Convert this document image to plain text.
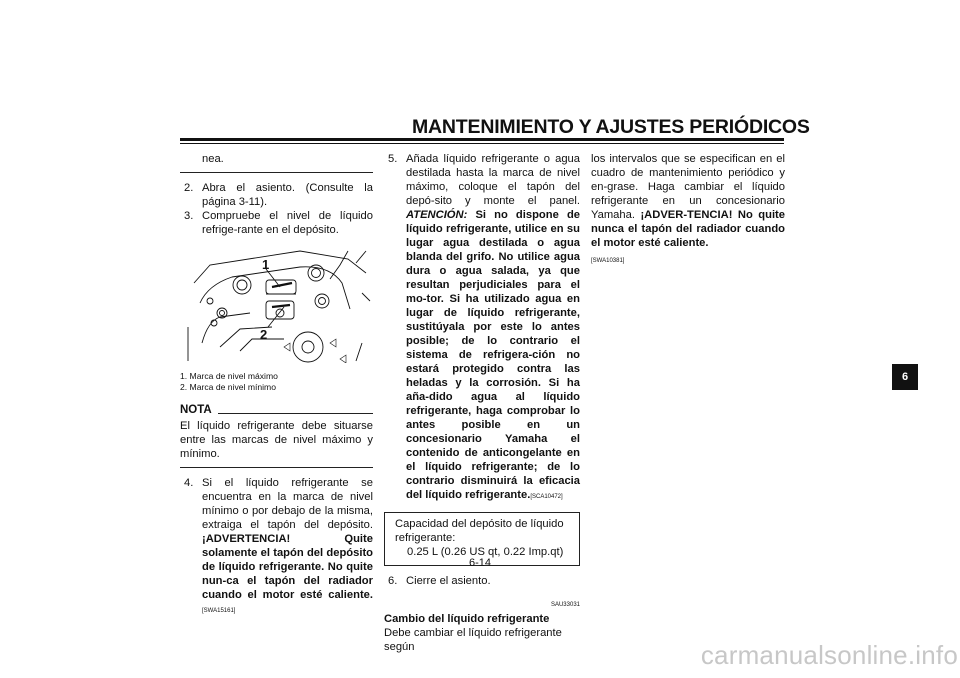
MANTENIMIENTO Y AJUSTES PERIÓDICOS
nea.
2. Abra el asiento. (Consulte la página 3-11).
3. Compruebe el nivel de líquido refrige-rante en el depósito.
1
2
1. Marca de nivel máximo
2. Marca de nivel mínimo
NOTA
El líquido refrigerante debe situarse entre las marcas de nivel máximo y mínimo.
4. Si el líquido refrigerante se encuentra en la marca de nivel mínimo o por debajo de la misma, extraiga el tapón del depósito.¡ADVERTENCIA! Quite solamente el tapón del depósito de líquido refrigerante. No quite nun-ca el tapón del radiador cuando el motor esté caliente.[SWA15161]
5. Añada líquido refrigerante o agua destilada hasta la marca de nivel máximo, coloque el tapón del depó-sito y monte el panel. ATENCIÓN: Si no dispone de líquido refrigerante, utilice en su lugar agua destilada o agua blanda del grifo. No utilice agua dura o agua salada, ya que resultan perjudiciales para el mo-tor. Si ha utilizado agua en lugar de líquido refrigerante, sustitúyala por este lo antes posible; de lo contrario el sistema de refrigera-ción no estará protegido contra las heladas y la corrosión. Si ha aña-dido agua al líquido refrigerante, haga comprobar lo antes posible en un concesionario Yamaha el contenido de anticongelante en el líquido refrigerante; de lo contrario disminuirá la eficacia del líquido refrigerante.[SCA10472]
Capacidad del depósito de líquido refrigerante:
0.25 L (0.26 US qt, 0.22 Imp.qt)
6. Cierre el asiento.
SAU33031
Cambio del líquido refrigerante
Debe cambiar el líquido refrigerante según
los intervalos que se especifican en el cuadro de mantenimiento periódico y en-grase. Haga cambiar el líquido refrigerante en un concesionario Yamaha. ¡ADVER-TENCIA! No quite nunca el tapón del radiador cuando el motor esté caliente.
[SWA10381]
6
6-14
carmanualsonline.info
